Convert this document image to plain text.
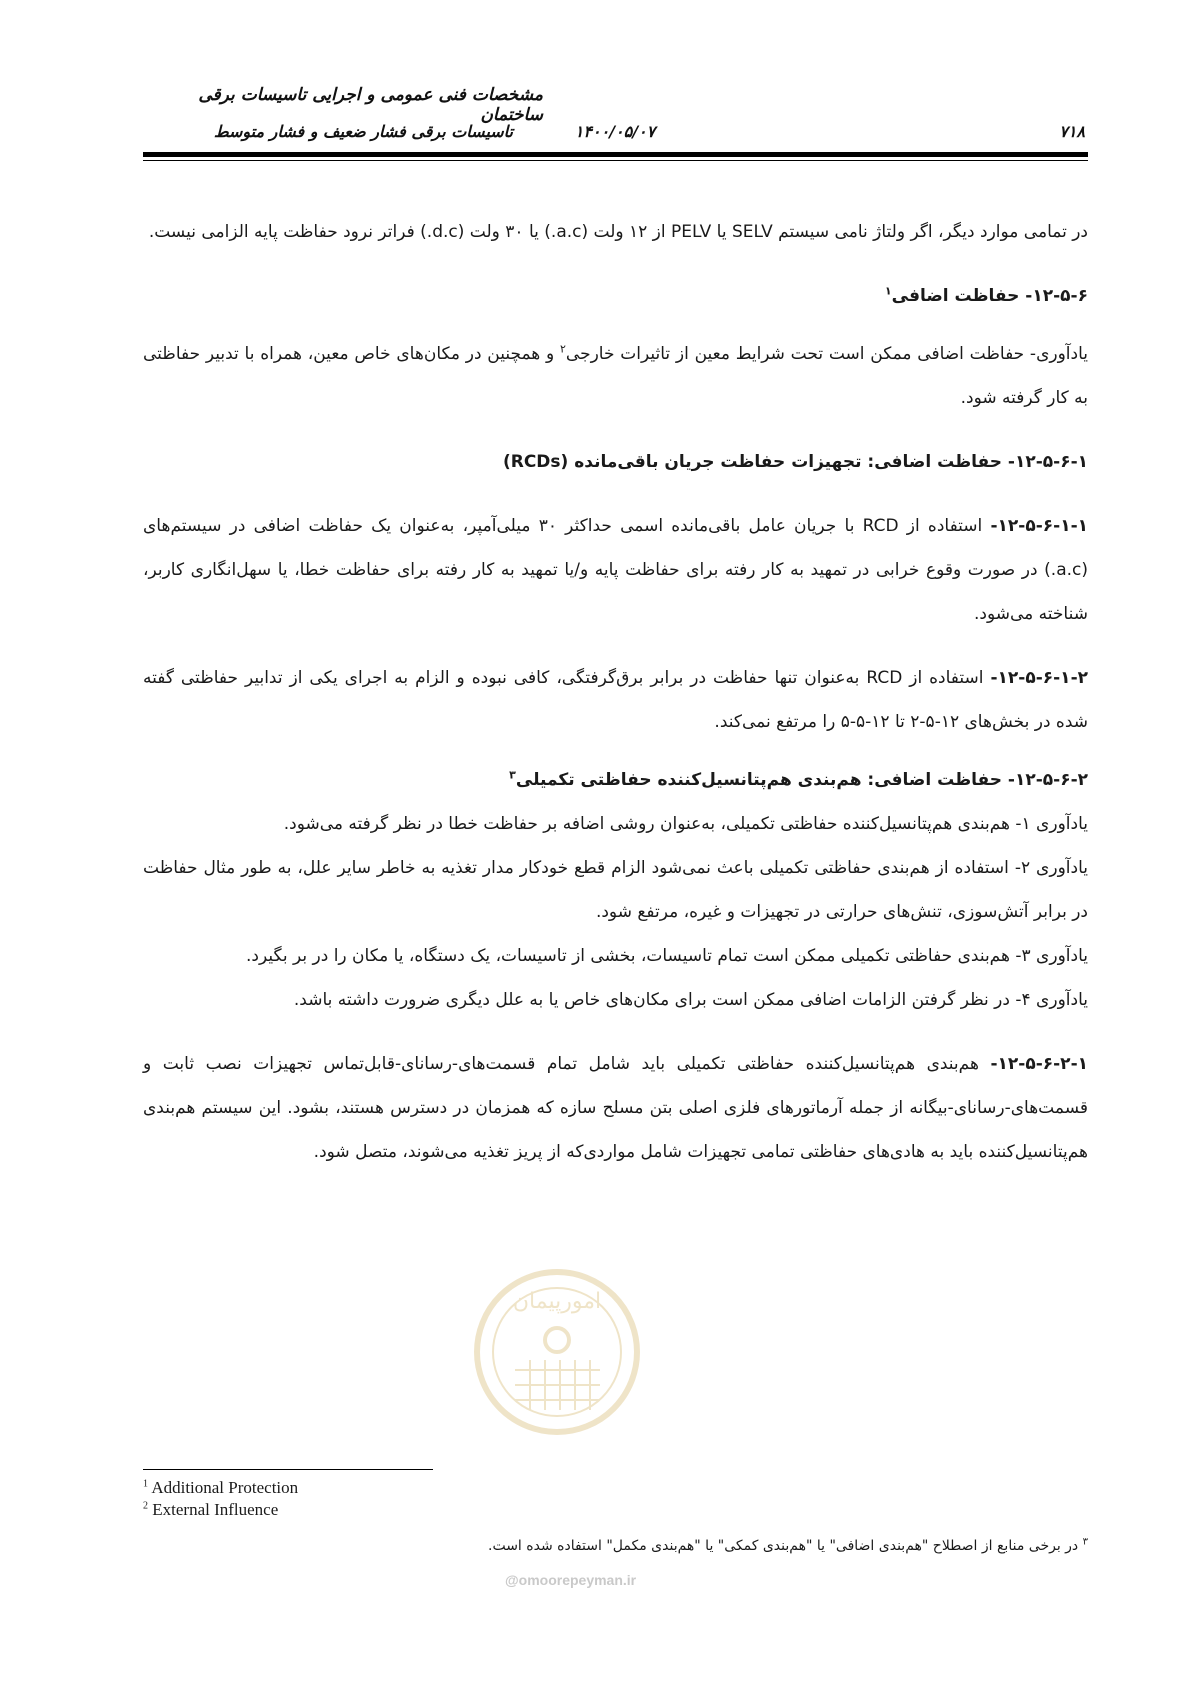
مشخصات فنی عمومی و اجرایی تاسیسات برقی ساختمان
تاسیسات برقی فشار ضعیف و فشار متوسط	۱۴۰۰/۰۵/۰۷	۷۱۸

در تمامی موارد دیگر، اگر ولتاژ نامی سیستم SELV یا PELV از ۱۲ ولت (a.c.) یا ۳۰ ولت (d.c.) فراتر نرود حفاظت پایه الزامی نیست.

۱۲-۵-۶- حفاظت اضافی$^۱$

یادآوری- حفاظت اضافی ممکن است تحت شرایط معین از تاثیرات خارجی$^۲$ و همچنین در مکان‌های خاص معین، همراه با تدبیر حفاظتی به کار گرفته شود.

۱۲-۵-۶-۱- حفاظت اضافی: تجهیزات حفاظت جریان باقی‌مانده (RCDs)

۱۲-۵-۶-۱-۱- استفاده از RCD با جریان عامل باقی‌مانده اسمی حداکثر ۳۰ میلی‌آمپر، به‌عنوان یک حفاظت اضافی در سیستم‌های (a.c.) در صورت وقوع خرابی در تمهید به کار رفته برای حفاظت پایه و/یا تمهید به کار رفته برای حفاظت خطا، یا سهل‌انگاری کاربر، شناخته می‌شود.

۱۲-۵-۶-۱-۲- استفاده از RCD به‌عنوان تنها حفاظت در برابر برق‌گرفتگی، کافی نبوده و الزام به اجرای یکی از تدابیر حفاظتی گفته شده در بخش‌های ۱۲-۵-۲ تا ۱۲-۵-۵ را مرتفع نمی‌کند.

۱۲-۵-۶-۲- حفاظت اضافی: هم‌بندی هم‌پتانسیل‌کننده حفاظتی تکمیلی$^۳$

یادآوری ۱- هم‌بندی هم‌پتانسیل‌کننده حفاظتی تکمیلی، به‌عنوان روشی اضافه بر حفاظت خطا در نظر گرفته می‌شود.

یادآوری ۲- استفاده از هم‌بندی حفاظتی تکمیلی باعث نمی‌شود الزام قطع خودکار مدار تغذیه به خاطر سایر علل، به طور مثال حفاظت در برابر آتش‌سوزی، تنش‌های حرارتی در تجهیزات و غیره، مرتفع شود.

یادآوری ۳- هم‌بندی حفاظتی تکمیلی ممکن است تمام تاسیسات، بخشی از تاسیسات، یک دستگاه، یا مکان را در بر بگیرد.

یادآوری ۴- در نظر گرفتن الزامات اضافی ممکن است برای مکان‌های خاص یا به علل دیگری ضرورت داشته باشد.

۱۲-۵-۶-۲-۱- هم‌بندی هم‌پتانسیل‌کننده حفاظتی تکمیلی باید شامل تمام قسمت‌های-رسانای-قابل‌تماس تجهیزات نصب ثابت و قسمت‌های-رسانای-بیگانه از جمله آرماتورهای فلزی اصلی بتن مسلح سازه که همزمان در دسترس هستند، بشود. این سیستم هم‌بندی هم‌پتانسیل‌کننده باید به هادی‌های حفاظتی تمامی تجهیزات شامل مواردی‌که از پریز تغذیه می‌شوند، متصل شود.

امورپیمان
@omoorepeyman.ir
$^1$ Additional Protection
$^2$ External Influence
$^۳$ در برخی منابع از اصطلاح "هم‌بندی اضافی" یا "هم‌بندی کمکی" یا "هم‌بندی مکمل" استفاده شده است.
